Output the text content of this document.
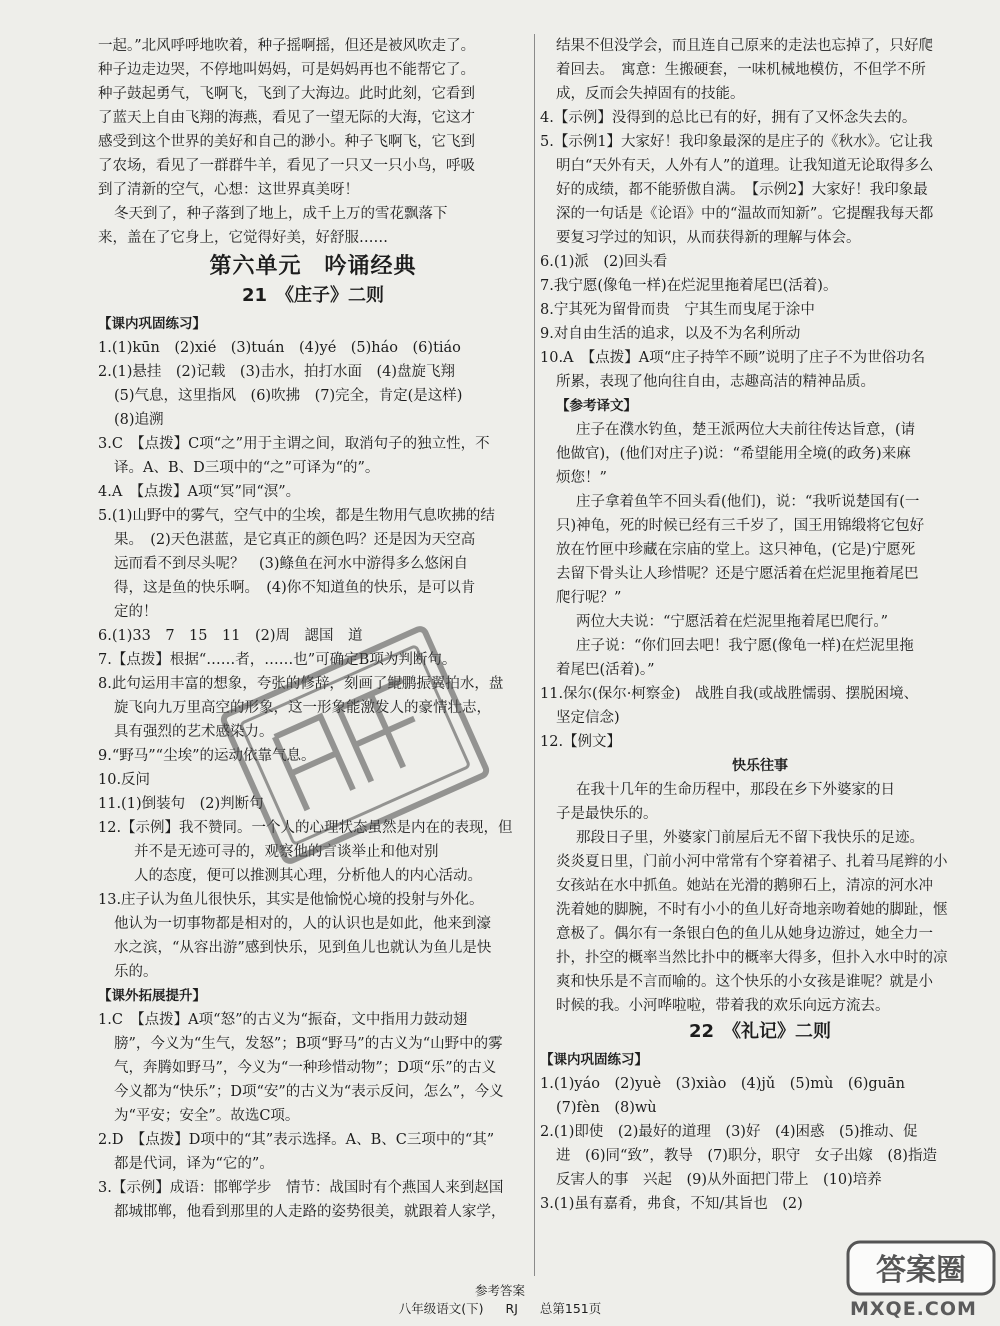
一起。”北风呼呼地吹着，种子摇啊摇，但还是被风吹走了。
种子边走边哭，不停地叫妈妈，可是妈妈再也不能帮它了。
种子鼓起勇气，飞啊飞，飞到了大海边。此时此刻，它看到
了蓝天上自由飞翔的海燕，看见了一望无际的大海，它这才
感受到这个世界的美好和自己的渺小。种子飞啊飞，它飞到
了农场，看见了一群群牛羊，看见了一只又一只小鸟，呼吸
到了清新的空气，心想：这世界真美呀！
冬天到了，种子落到了地上，成千上万的雪花飘落下
来，盖在了它身上，它觉得好美，好舒服……
第六单元　吟诵经典
21　《庄子》二则
【课内巩固练习】
1.(1)kūn　(2)xié　(3)tuán　(4)yé　(5)háo　(6)tiáo
2.(1)悬挂　(2)记载　(3)击水，拍打水面　(4)盘旋飞翔
(5)气息，这里指风　(6)吹拂　(7)完全，肯定(是这样)
(8)追溯
3.C　【点拨】C项“之”用于主谓之间，取消句子的独立性，不
译。A、B、D三项中的“之”可译为“的”。
4.A　【点拨】A项“冥”同“溟”。
5.(1)山野中的雾气，空气中的尘埃，都是生物用气息吹拂的结
果。　(2)天色湛蓝，是它真正的颜色吗？还是因为天空高
远而看不到尽头呢？　(3)鲦鱼在河水中游得多么悠闲自
得，这是鱼的快乐啊。　(4)你不知道鱼的快乐，是可以肯
定的！
6.(1)33　7　15　11　(2)周　諰国　道
7.【点拨】根据“……者，……也”可确定B项为判断句。
8.此句运用丰富的想象，夸张的修辞，刻画了鲲鹏振翼拍水，盘
旋飞向九万里高空的形象，这一形象能激发人的豪情壮志，
具有强烈的艺术感染力。
9.“野马”“尘埃”的运动依靠气息。
10.反问
11.(1)倒装句　(2)判断句
12.【示例】我不赞同。一个人的心理状态虽然是内在的表现，但
并不是无迹可寻的，观察他的言谈举止和他对别
人的态度，便可以推测其心理，分析他人的内心活动。
13.庄子认为鱼儿很快乐，其实是他愉悦心境的投射与外化。
他认为一切事物都是相对的，人的认识也是如此，他来到濠
水之滨，“从容出游”感到快乐，见到鱼儿也就认为鱼儿是快
乐的。
【课外拓展提升】
1.C　【点拨】A项“怒”的古义为“振奋，文中指用力鼓动翅
膀”，今义为“生气，发怒”；B项“野马”的古义为“山野中的雾
气，奔腾如野马”，今义为“一种珍惜动物”；D项“乐”的古义
今义都为“快乐”；D项“安”的古义为“表示反问，怎么”，今义
为“平安；安全”。故选C项。
2.D　【点拨】D项中的“其”表示选择。A、B、C三项中的“其”
都是代词，译为“它的”。
3.【示例】成语：邯郸学步　情节：战国时有个燕国人来到赵国
都城邯郸，他看到那里的人走路的姿势很美，就跟着人家学，
结果不但没学会，而且连自己原来的走法也忘掉了，只好爬
着回去。　寓意：生搬硬套，一味机械地模仿，不但学不所
成，反而会失掉固有的技能。
4.【示例】没得到的总比已有的好，拥有了又怀念失去的。
5.【示例1】大家好！我印象最深的是庄子的《秋水》。它让我
明白“天外有天，人外有人”的道理。让我知道无论取得多么
好的成绩，都不能骄傲自满。　【示例2】大家好！我印象最
深的一句话是《论语》中的“温故而知新”。它提醒我每天都
要复习学过的知识，从而获得新的理解与体会。
6.(1)派　(2)回头看
7.我宁愿(像龟一样)在烂泥里拖着尾巴(活着)。
8.宁其死为留骨而贵　宁其生而曳尾于涂中
9.对自由生活的追求，以及不为名利所动
10.A　【点拨】A项“庄子持竿不顾”说明了庄子不为世俗功名
所累，表现了他向往自由，志趣高洁的精神品质。
【参考译文】
庄子在濮水钓鱼，楚王派两位大夫前往传达旨意，(请
他做官)，(他们对庄子)说：“希望能用全境(的政务)来麻
烦您！”
庄子拿着鱼竿不回头看(他们)，说：“我听说楚国有(一
只)神龟，死的时候已经有三千岁了，国王用锦缎将它包好
放在竹匣中珍藏在宗庙的堂上。这只神龟，(它是)宁愿死
去留下骨头让人珍惜呢？还是宁愿活着在烂泥里拖着尾巴
爬行呢？”
两位大夫说：“宁愿活着在烂泥里拖着尾巴爬行。”
庄子说：“你们回去吧！我宁愿(像龟一样)在烂泥里拖
着尾巴(活着)。”
11.保尔(保尔·柯察金)　战胜自我(或战胜懦弱、摆脱困境、
坚定信念)
12.【例文】
快乐往事
在我十几年的生命历程中，那段在乡下外婆家的日
子是最快乐的。
那段日子里，外婆家门前屋后无不留下我快乐的足迹。
炎炎夏日里，门前小河中常常有个穿着裙子、扎着马尾辫的小
女孩站在水中抓鱼。她站在光滑的鹅卵石上，清凉的河水冲
洗着她的脚腕，不时有小小的鱼儿好奇地亲吻着她的脚趾，惬
意极了。偶尔有一条银白色的鱼儿从她身边游过，她全力一
扑，扑空的概率当然比扑中的概率大得多，但扑入水中时的凉
爽和快乐是不言而喻的。这个快乐的小女孩是谁呢？就是小
时候的我。小河哗啦啦，带着我的欢乐向远方流去。
22　《礼记》二则
【课内巩固练习】
1.(1)yáo　(2)yuè　(3)xiào　(4)jǔ　(5)mù　(6)guān
(7)fèn　(8)wù
2.(1)即使　(2)最好的道理　(3)好　(4)困惑　(5)推动、促
进　(6)同“致”，教导　(7)职分，职守　女子出嫁　(8)指造
反害人的事　兴起　(9)从外面把门带上　(10)培养
3.(1)虽有嘉肴，弗食，不知/其旨也　(2)
答案圈
MXQE.COM
参考答案
八年级语文(下) RJ 总第151页
